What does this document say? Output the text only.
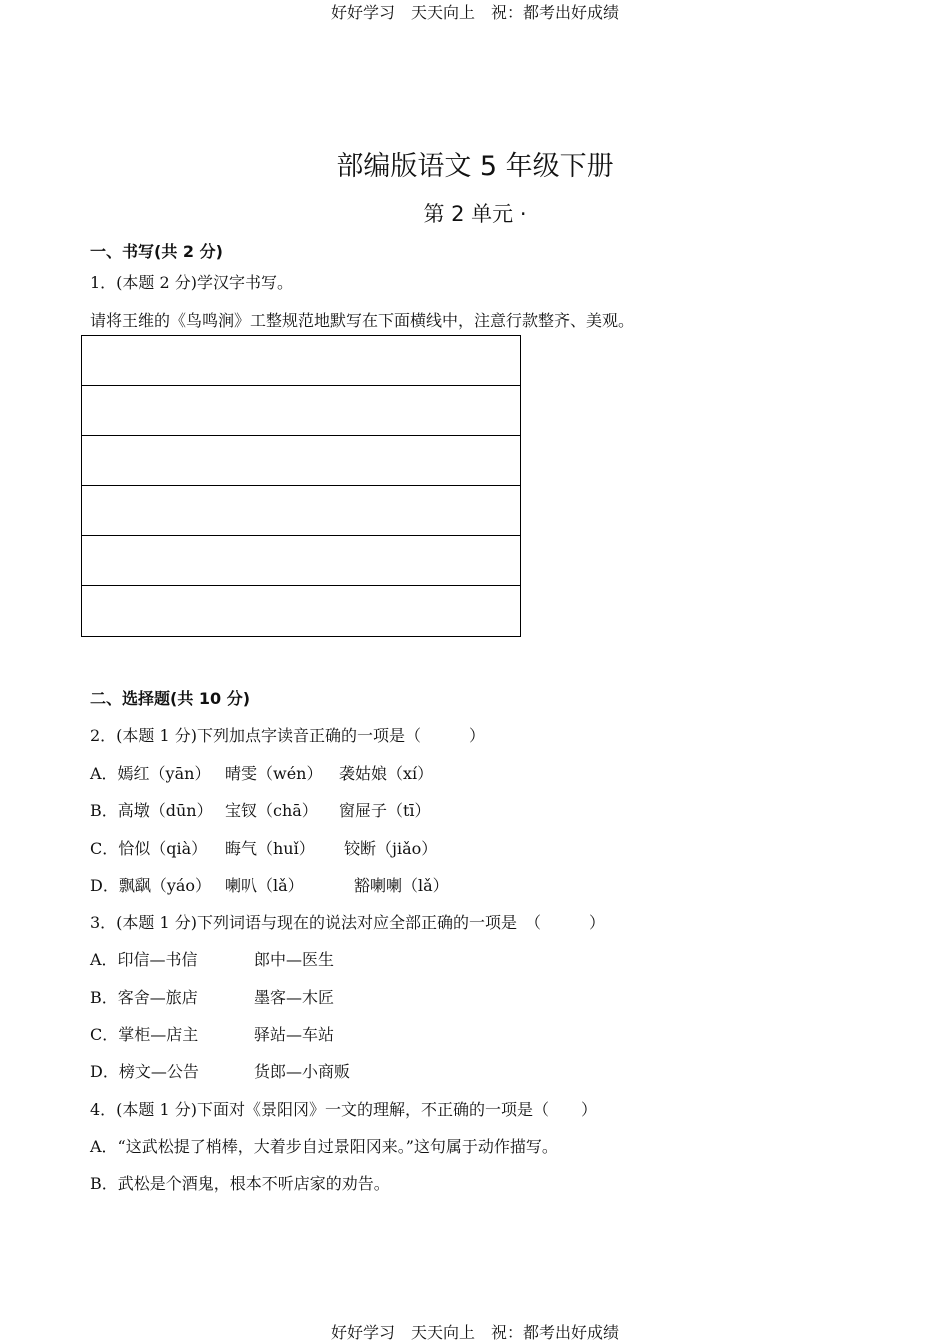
好好学习　天天向上　祝：都考出好成绩
部编版语文 5 年级下册
第 2 单元 ·
一、书写(共 2 分)
1．(本题 2 分)学汉字书写。
请将王维的《鸟鸣涧》工整规范地默写在下面横线中，注意行款整齐、美观。
二、选择题(共 10 分)
2．(本题 1 分)下列加点字读音正确的一项是（　　　）
A．嫣红（yān） 晴雯（wén） 袭姑娘（xí）
B．高墩（dūn） 宝钗（chā） 窗屉子（tī）
C．恰似（qià） 晦气（huǐ） 铰断（jiǎo）
D．飘飖（yáo） 喇叭（lǎ）	豁喇喇（lǎ）
3．(本题 1 分)下列词语与现在的说法对应全部正确的一项是　（　　　）
A．印信—书信	郎中—医生
B．客舍—旅店	墨客—木匠
C．掌柜—店主	驿站—车站
D．榜文—公告	货郎—小商贩
4．(本题 1 分)下面对《景阳冈》一文的理解，不正确的一项是（　　）
A．“这武松提了梢棒，大着步自过景阳冈来。”这句属于动作描写。
B．武松是个酒鬼，根本不听店家的劝告。
好好学习　天天向上　祝：都考出好成绩
